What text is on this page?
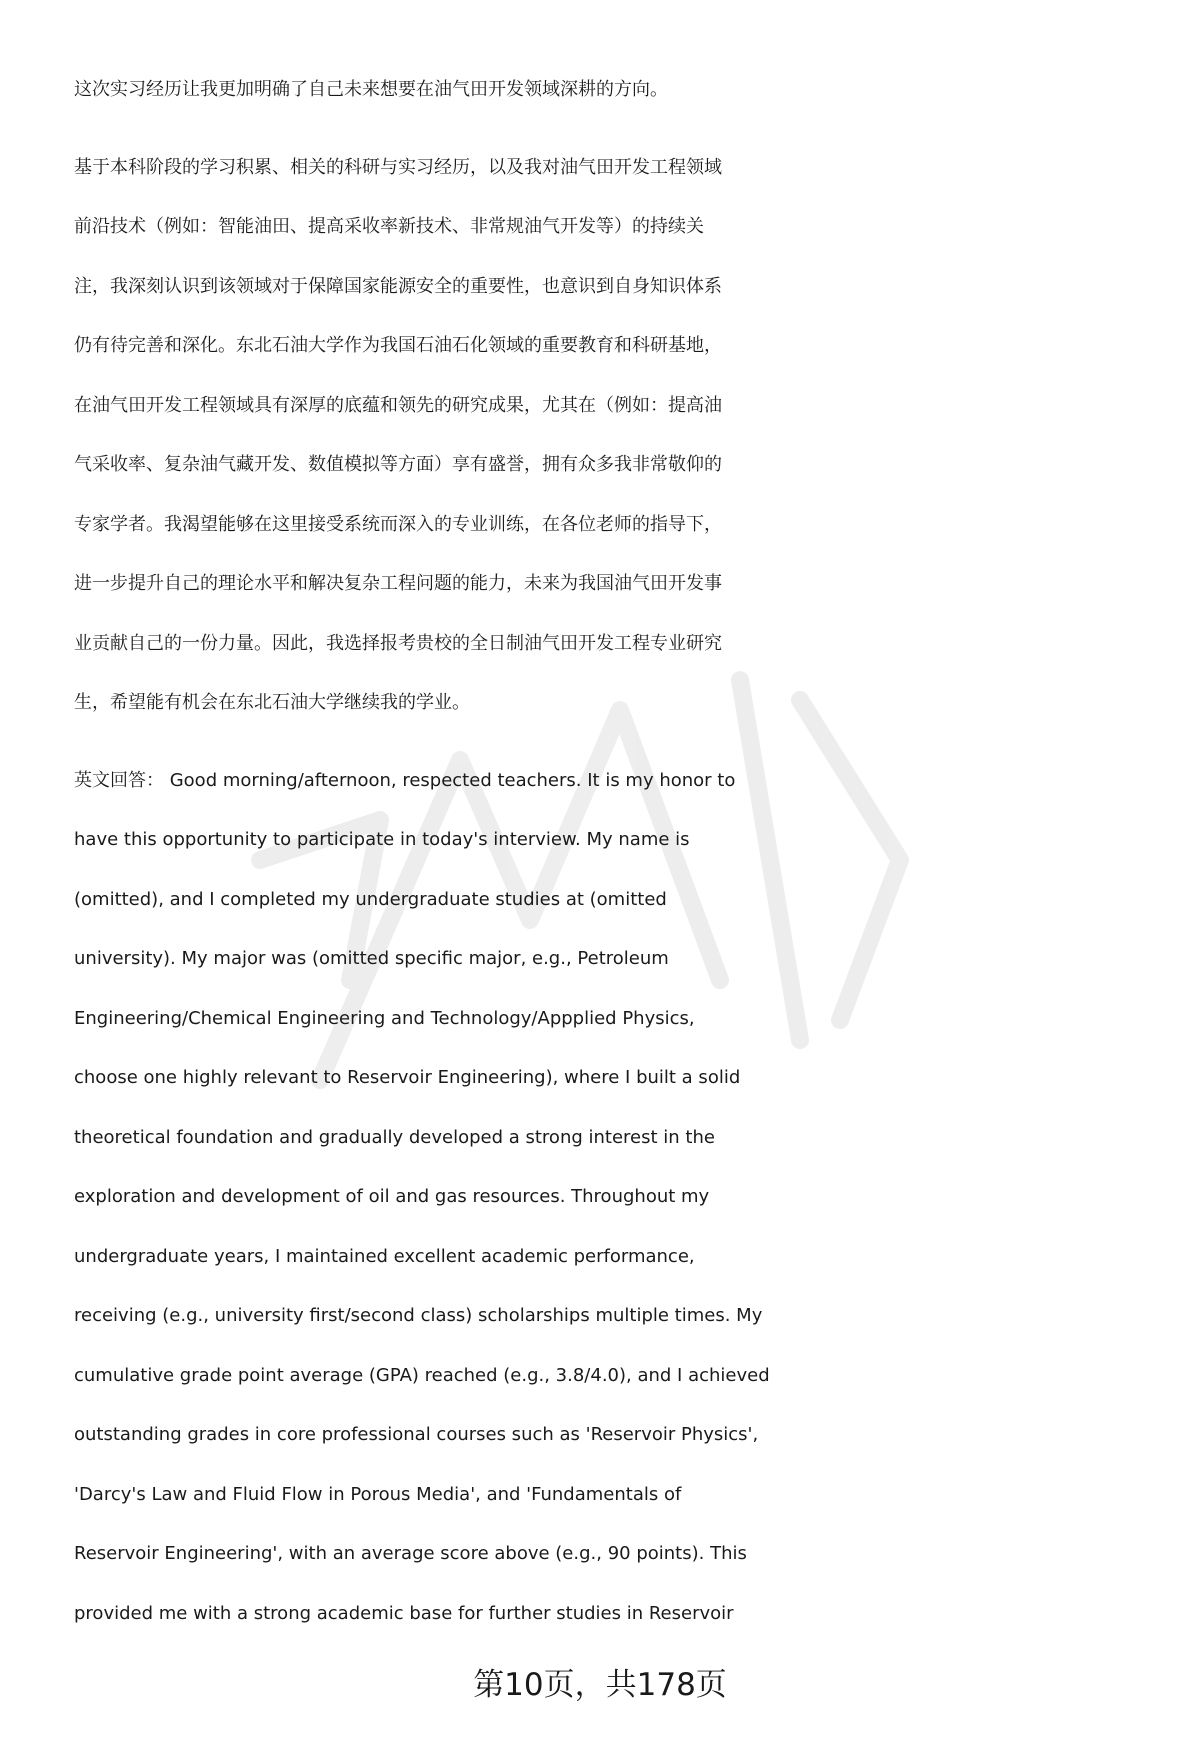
这次实习经历让我更加明确了自己未来想要在油气田开发领域深耕的方向。
基于本科阶段的学习积累、相关的科研与实习经历，以及我对油气田开发工程领域
前沿技术（例如：智能油田、提高采收率新技术、非常规油气开发等）的持续关
注，我深刻认识到该领域对于保障国家能源安全的重要性，也意识到自身知识体系
仍有待完善和深化。东北石油大学作为我国石油石化领域的重要教育和科研基地，
在油气田开发工程领域具有深厚的底蕴和领先的研究成果，尤其在（例如：提高油
气采收率、复杂油气藏开发、数值模拟等方面）享有盛誉，拥有众多我非常敬仰的
专家学者。我渴望能够在这里接受系统而深入的专业训练，在各位老师的指导下，
进一步提升自己的理论水平和解决复杂工程问题的能力，未来为我国油气田开发事
业贡献自己的一份力量。因此，我选择报考贵校的全日制油气田开发工程专业研究
生，希望能有机会在东北石油大学继续我的学业。
英文回答： Good morning/afternoon, respected teachers. It is my honor to
have this opportunity to participate in today's interview. My name is
(omitted), and I completed my undergraduate studies at (omitted
university). My major was (omitted specific major, e.g., Petroleum
Engineering/Chemical Engineering and Technology/Appplied Physics,
choose one highly relevant to Reservoir Engineering), where I built a solid
theoretical foundation and gradually developed a strong interest in the
exploration and development of oil and gas resources. Throughout my
undergraduate years, I maintained excellent academic performance,
receiving (e.g., university first/second class) scholarships multiple times. My
cumulative grade point average (GPA) reached (e.g., 3.8/4.0), and I achieved
outstanding grades in core professional courses such as 'Reservoir Physics',
'Darcy's Law and Fluid Flow in Porous Media', and 'Fundamentals of
Reservoir Engineering', with an average score above (e.g., 90 points). This
provided me with a strong academic base for further studies in Reservoir
第10页，共178页
